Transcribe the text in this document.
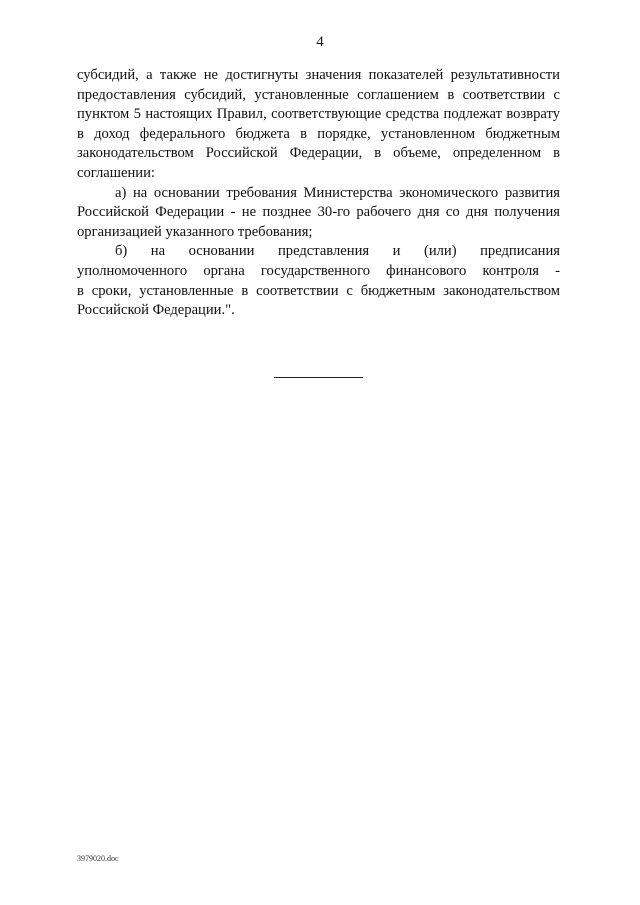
4

субсидий, а также не достигнуты значения показателей результативности предоставления субсидий, установленные соглашением в соответствии с пунктом 5 настоящих Правил, соответствующие средства подлежат возврату в доход федерального бюджета в порядке, установленном бюджетным законодательством Российской Федерации, в объеме, определенном в соглашении:

а) на основании требования Министерства экономического развития Российской Федерации - не позднее 30-го рабочего дня со дня получения организацией указанного требования;

б) на основании представления и (или) предписания
уполномоченного органа государственного финансового контроля -
в сроки, установленные в соответствии с бюджетным законодательством Российской Федерации.".
3979020.doc
